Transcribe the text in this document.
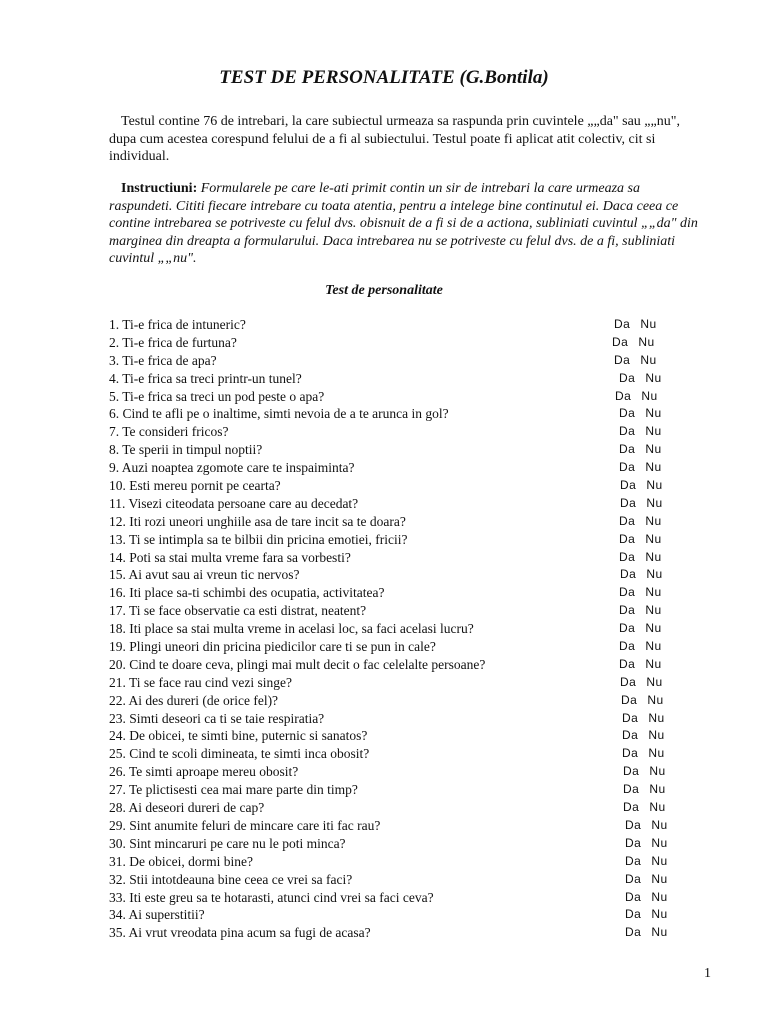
TEST DE PERSONALITATE (G.Bontila)

Testul contine 76 de intrebari, la care subiectul urmeaza sa raspunda prin cuvintele „„da" sau „„nu", dupa cum acestea corespund felului de a fi al subiectului. Testul poate fi aplicat atit colectiv, cit si individual.

Instructiuni: Formularele pe care le-ati primit contin un sir de intrebari la care urmeaza sa raspundeti. Cititi fiecare intrebare cu toata atentia, pentru a intelege bine continutul ei. Daca ceea ce contine intrebarea se potriveste cu felul dvs. obisnuit de a fi si de a actiona, subliniati cuvintul „„da" din marginea din dreapta a formularului. Daca intrebarea nu se potriveste cu felul dvs. de a fi, subliniati cuvintul „„nu".

Test de personalitate
1. Ti-e frica de intuneric?	Da Nu
2. Ti-e frica de furtuna?	Da Nu
3. Ti-e frica de apa?	Da Nu
4. Ti-e frica sa treci printr-un tunel?	Da Nu
5. Ti-e frica sa treci un pod peste o apa?	Da Nu
6. Cind te afli pe o inaltime, simti nevoia de a te arunca in gol?	Da Nu
7. Te consideri fricos?	Da Nu
8. Te sperii in timpul noptii?	Da Nu
9. Auzi noaptea zgomote care te inspaiminta?	Da Nu
10. Esti mereu pornit pe cearta?	Da Nu
11. Visezi citeodata persoane care au decedat?	Da Nu
12. Iti rozi uneori unghiile asa de tare incit sa te doara?	Da Nu
13. Ti se intimpla sa te bilbii din pricina emotiei, fricii?	Da Nu
14. Poti sa stai multa vreme fara sa vorbesti?	Da Nu
15. Ai avut sau ai vreun tic nervos?	Da Nu
16. Iti place sa-ti schimbi des ocupatia, activitatea?	Da Nu
17. Ti se face observatie ca esti distrat, neatent?	Da Nu
18. Iti place sa stai multa vreme in acelasi loc, sa faci acelasi lucru?	Da Nu
19. Plingi uneori din pricina piedicilor care ti se pun in cale?	Da Nu
20. Cind te doare ceva, plingi mai mult decit o fac celelalte persoane?	Da Nu
21. Ti se face rau cind vezi singe?	Da Nu
22. Ai des dureri (de orice fel)?	Da Nu
23. Simti deseori ca ti se taie respiratia?	Da Nu
24. De obicei, te simti bine, puternic si sanatos?	Da Nu
25. Cind te scoli dimineata, te simti inca obosit?	Da Nu
26. Te simti aproape mereu obosit?	Da Nu
27. Te plictisesti cea mai mare parte din timp?	Da Nu
28. Ai deseori dureri de cap?	Da Nu
29. Sint anumite feluri de mincare care iti fac rau?	Da Nu
30. Sint mincaruri pe care nu le poti minca?	Da Nu
31. De obicei, dormi bine?	Da Nu
32. Stii intotdeauna bine ceea ce vrei sa faci?	Da Nu
33. Iti este greu sa te hotarasti, atunci cind vrei sa faci ceva?	Da Nu
34. Ai superstitii?	Da Nu
35. Ai vrut vreodata pina acum sa fugi de acasa?	Da Nu
1
